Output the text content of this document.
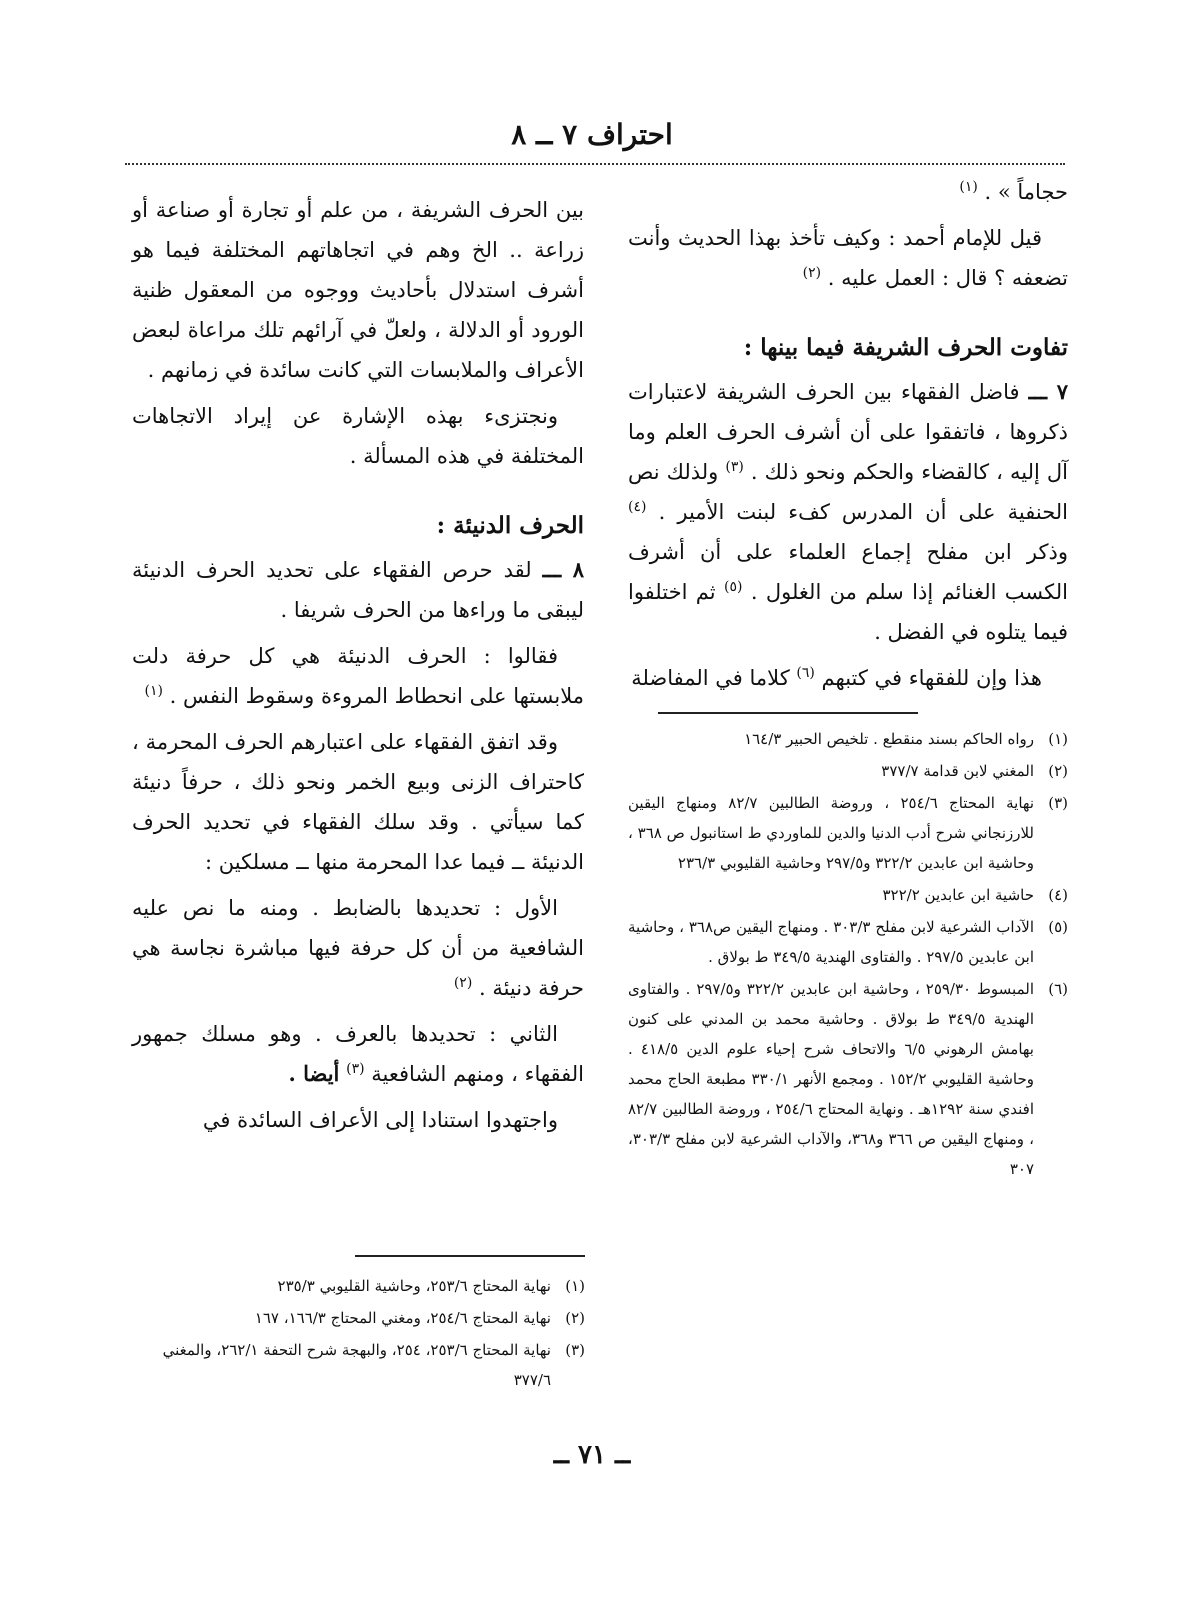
احتراف ٧ ــ ٨

حجاماً » . $^{(١)}$

قيل للإمام أحمد : وكيف تأخذ بهذا الحديث وأنت تضعفه ؟ قال : العمل عليه . $^{(٢)}$

تفاوت الحرف الشريفة فيما بينها :

٧ ـــ فاضل الفقهاء بين الحرف الشريفة لاعتبارات ذكروها ، فاتفقوا على أن أشرف الحرف العلم وما آل إليه ، كالقضاء والحكم ونحو ذلك . $^{(٣)}$ ولذلك نص الحنفية على أن المدرس كفء لبنت الأمير . $^{(٤)}$ وذكر ابن مفلح إجماع العلماء على أن أشرف الكسب الغنائم إذا سلم من الغلول . $^{(٥)}$ ثم اختلفوا فيما يتلوه في الفضل .

هذا وإن للفقهاء في كتبهم $^{(٦)}$ كلاما في المفاضلة

(١)
رواه الحاكم بسند منقطع . تلخيص الحبير ١٦٤/٣
(٢)
المغني لابن قدامة ٣٧٧/٧
(٣)
نهاية المحتاج ٢٥٤/٦ ، وروضة الطالبين ٨٢/٧ ومنهاج اليقين للارزنجاني شرح أدب الدنيا والدين للماوردي ط استانبول ص ٣٦٨ ، وحاشية ابن عابدين ٣٢٢/٢ و٢٩٧/٥ وحاشية القليوبي ٢٣٦/٣
(٤)
حاشية ابن عابدين ٣٢٢/٢
(٥)
الآداب الشرعية لابن مفلح ٣٠٣/٣ . ومنهاج اليقين ص٣٦٨ ، وحاشية ابن عابدين ٢٩٧/٥ . والفتاوى الهندية ٣٤٩/٥ ط بولاق .
(٦)
المبسوط ٢٥٩/٣٠ ، وحاشية ابن عابدين ٣٢٢/٢ و٢٩٧/٥ . والفتاوى الهندية ٣٤٩/٥ ط بولاق . وحاشية محمد بن المدني على كنون بهامش الرهوني ٦/٥ والاتحاف شرح إحياء علوم الدين ٤١٨/٥ . وحاشية القليوبي ١٥٢/٢ . ومجمع الأنهر ٣٣٠/١ مطبعة الحاج محمد افندي سنة ١٢٩٢هـ . ونهاية المحتاج ٢٥٤/٦ ، وروضة الطالبين ٨٢/٧ ، ومنهاج اليقين ص ٣٦٦ و٣٦٨، والآداب الشرعية لابن مفلح ٣٠٣/٣، ٣٠٧

بين الحرف الشريفة ، من علم أو تجارة أو صناعة أو زراعة .. الخ وهم في اتجاهاتهم المختلفة فيما هو أشرف استدلال بأحاديث ووجوه من المعقول ظنية الورود أو الدلالة ، ولعلّ في آرائهم تلك مراعاة لبعض الأعراف والملابسات التي كانت سائدة في زمانهم .

ونجتزىء بهذه الإشارة عن إيراد الاتجاهات المختلفة في هذه المسألة .

الحرف الدنيئة :

٨ ـــ لقد حرص الفقهاء على تحديد الحرف الدنيئة ليبقى ما وراءها من الحرف شريفا .

فقالوا : الحرف الدنيئة هي كل حرفة دلت ملابستها على انحطاط المروءة وسقوط النفس . $^{(١)}$

وقد اتفق الفقهاء على اعتبارهم الحرف المحرمة ، كاحتراف الزنى وبيع الخمر ونحو ذلك ، حرفاً دنيئة كما سيأتي . وقد سلك الفقهاء في تحديد الحرف الدنيئة ــ فيما عدا المحرمة منها ــ مسلكين :

الأول : تحديدها بالضابط . ومنه ما نص عليه الشافعية من أن كل حرفة فيها مباشرة نجاسة هي حرفة دنيئة . $^{(٢)}$

الثاني : تحديدها بالعرف . وهو مسلك جمهور الفقهاء ، ومنهم الشافعية $^{(٣)}$ أيضا .

واجتهدوا استنادا إلى الأعراف السائدة في

(١)
نهاية المحتاج ٢٥٣/٦، وحاشية القليوبي ٢٣٥/٣
(٢)
نهاية المحتاج ٢٥٤/٦، ومغني المحتاج ١٦٦/٣، ١٦٧
(٣)
نهاية المحتاج ٢٥٣/٦، ٢٥٤، والبهجة شرح التحفة ٢٦٢/١، والمغني ٣٧٧/٦
ــ ٧١ ــ
